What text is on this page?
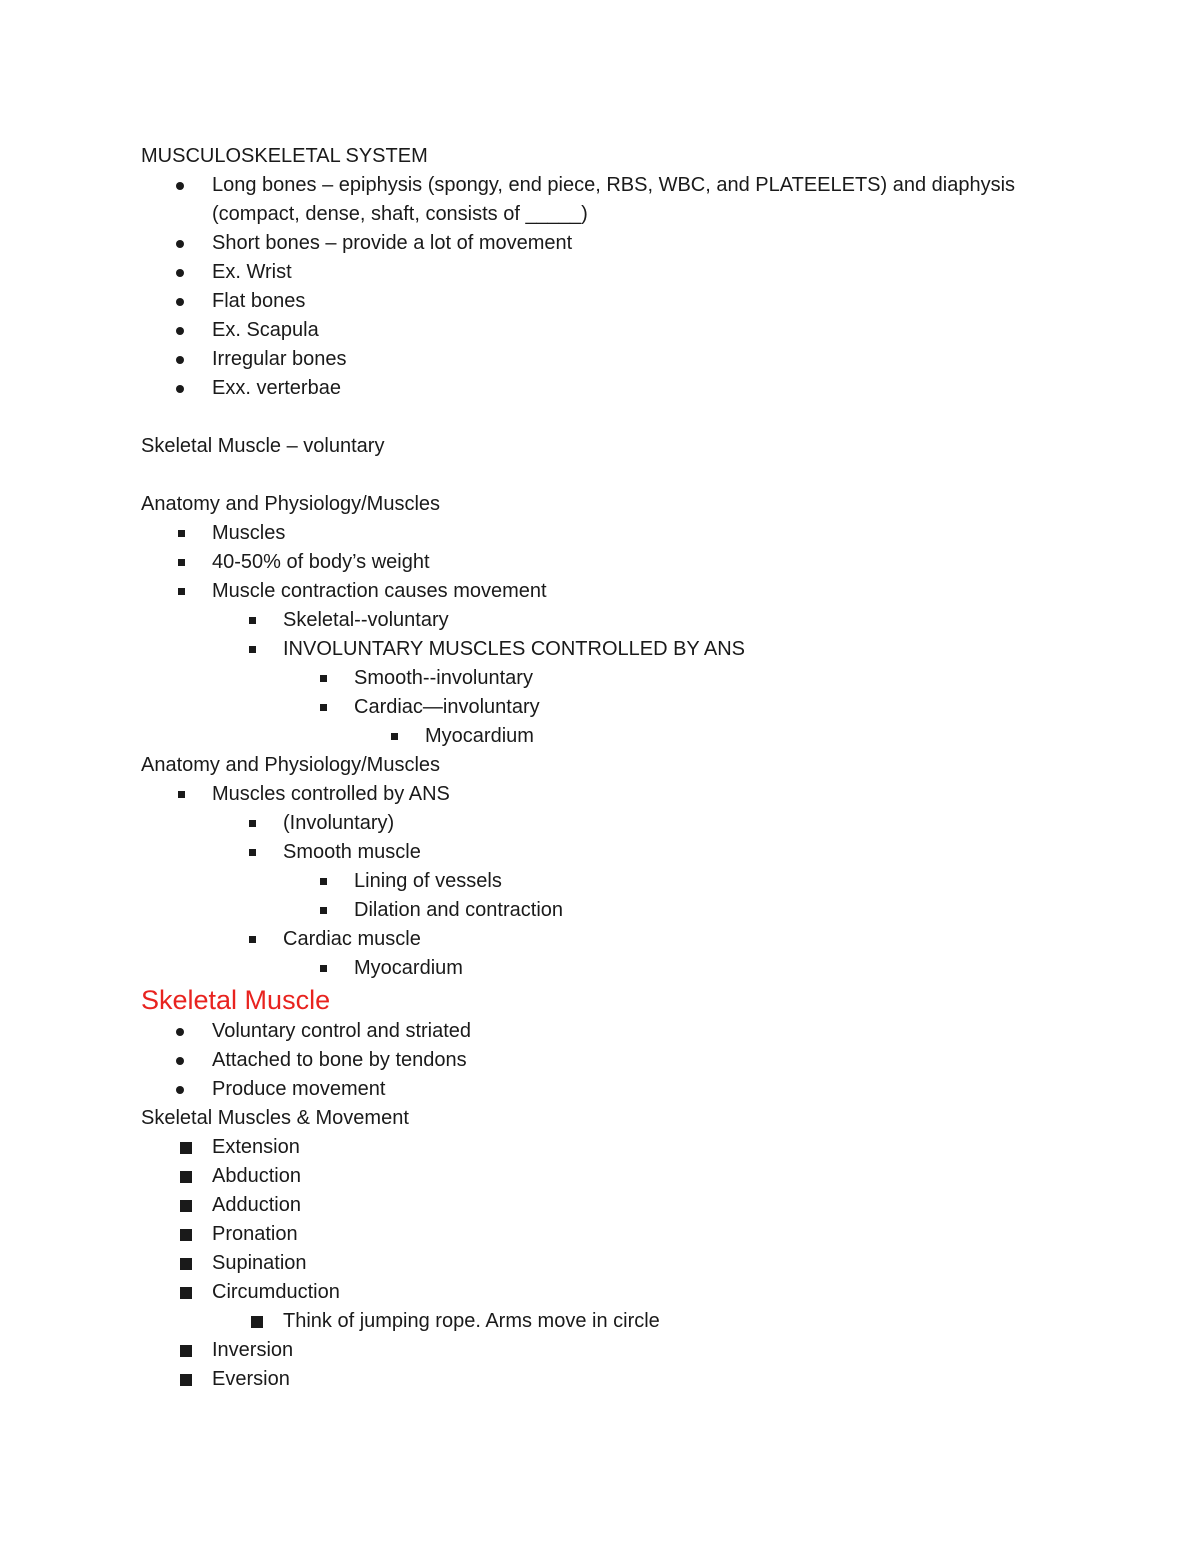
MUSCULOSKELETAL SYSTEM
Long bones – epiphysis (spongy, end piece, RBS, WBC, and PLATEELETS) and diaphysis (compact, dense, shaft, consists of _____)
Short bones – provide a lot of movement
Ex. Wrist
Flat bones
Ex. Scapula
Irregular bones
Exx. verterbae
Skeletal Muscle – voluntary
Anatomy and Physiology/Muscles
Muscles
40-50% of body’s weight
Muscle contraction causes movement
Skeletal--voluntary
INVOLUNTARY MUSCLES CONTROLLED BY ANS
Smooth--involuntary
Cardiac—involuntary
Myocardium
Anatomy and Physiology/Muscles
Muscles controlled by ANS
(Involuntary)
Smooth muscle
Lining of vessels
Dilation and contraction
Cardiac muscle
Myocardium
Skeletal Muscle
Voluntary control and striated
Attached to bone by tendons
Produce movement
Skeletal Muscles & Movement
Extension
Abduction
Adduction
Pronation
Supination
Circumduction
Think of jumping rope. Arms move in circle
Inversion
Eversion
